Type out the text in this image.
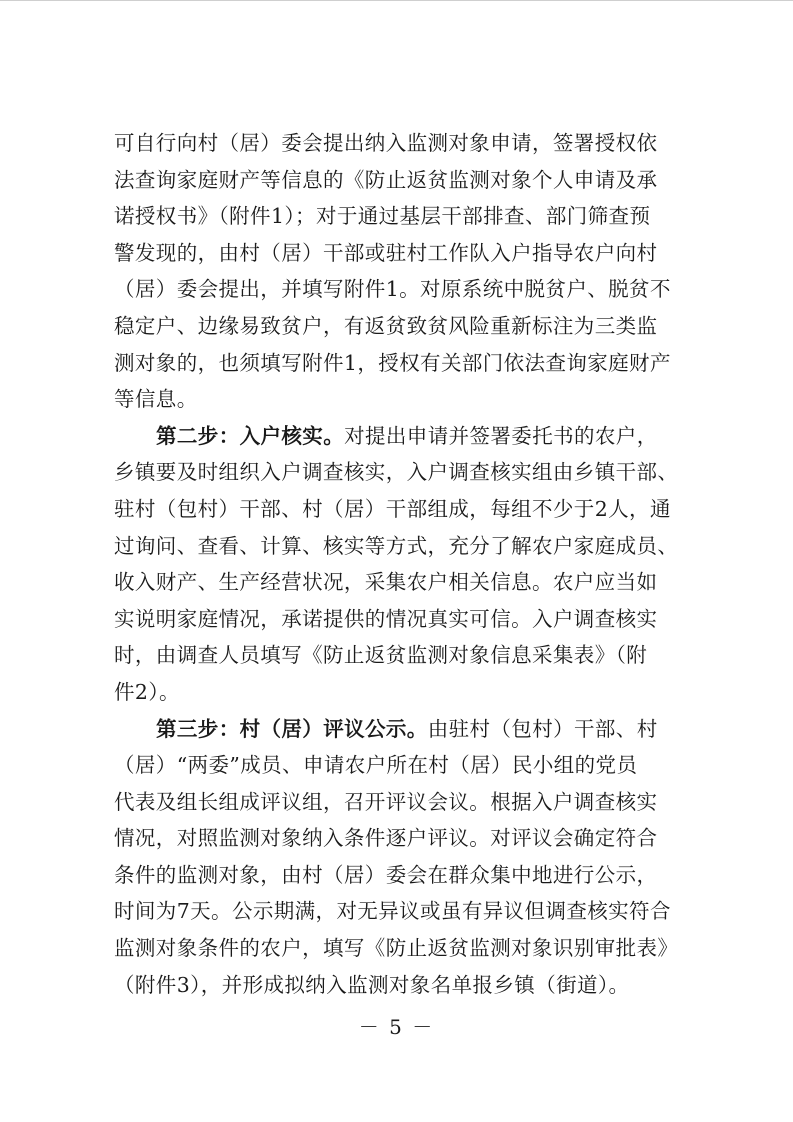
可自行向村（居）委会提出纳入监测对象申请，签署授权依
法查询家庭财产等信息的《防止返贫监测对象个人申请及承
诺授权书》（附件1）；对于通过基层干部排查、部门筛查预
警发现的，由村（居）干部或驻村工作队入户指导农户向村
（居）委会提出，并填写附件1。对原系统中脱贫户、脱贫不
稳定户、边缘易致贫户，有返贫致贫风险重新标注为三类监
测对象的，也须填写附件1，授权有关部门依法查询家庭财产
等信息。
第二步：入户核实。对提出申请并签署委托书的农户，
乡镇要及时组织入户调查核实，入户调查核实组由乡镇干部、
驻村（包村）干部、村（居）干部组成，每组不少于2人，通
过询问、查看、计算、核实等方式，充分了解农户家庭成员、
收入财产、生产经营状况，采集农户相关信息。农户应当如
实说明家庭情况，承诺提供的情况真实可信。入户调查核实
时，由调查人员填写《防止返贫监测对象信息采集表》（附
件2）。
第三步：村（居）评议公示。由驻村（包村）干部、村
（居）“两委”成员、申请农户所在村（居）民小组的党员
代表及组长组成评议组，召开评议会议。根据入户调查核实
情况，对照监测对象纳入条件逐户评议。对评议会确定符合
条件的监测对象，由村（居）委会在群众集中地进行公示，
时间为7天。公示期满，对无异议或虽有异议但调查核实符合
监测对象条件的农户，填写《防止返贫监测对象识别审批表》
（附件3），并形成拟纳入监测对象名单报乡镇（街道）。
－ 5 －
